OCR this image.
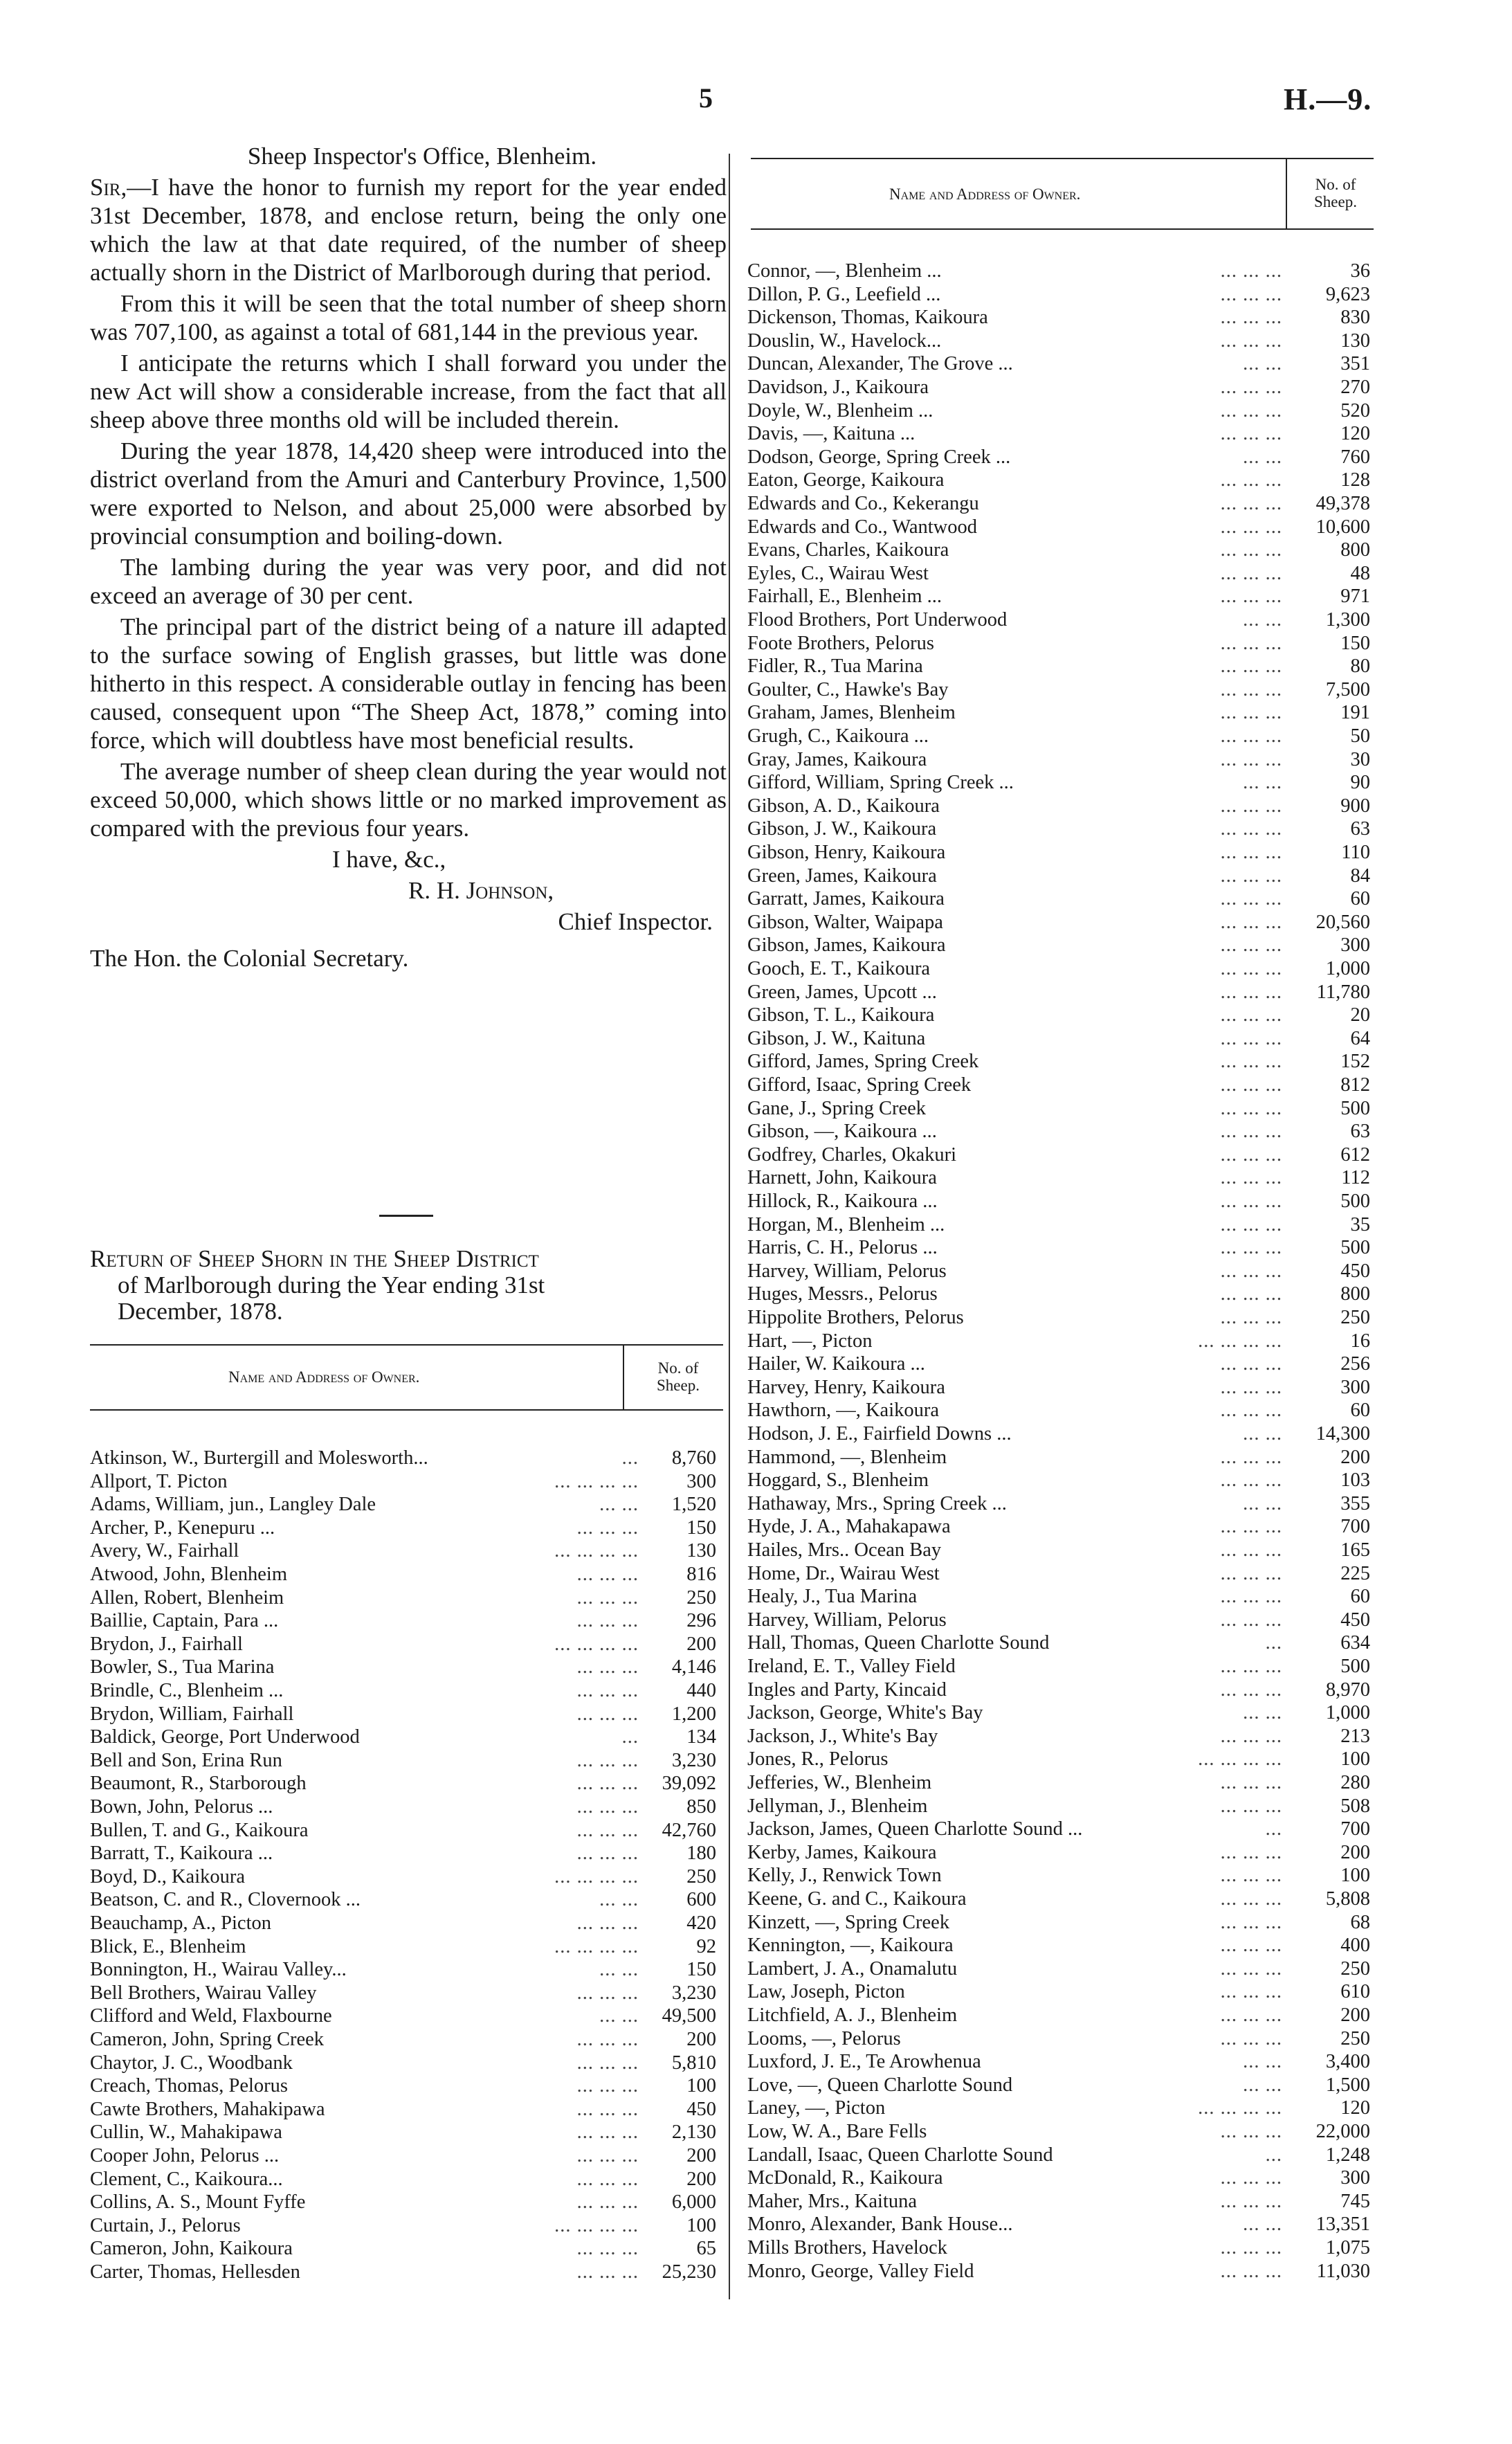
5	H.—9.

Sheep Inspector's Office, Blenheim.

Sir,—I have the honor to furnish my report for the year ended 31st December, 1878, and enclose return, being the only one which the law at that date required, of the number of sheep actually shorn in the District of Marlborough during that period.

From this it will be seen that the total number of sheep shorn was 707,100, as against a total of 681,144 in the previous year.

I anticipate the returns which I shall forward you under the new Act will show a considerable increase, from the fact that all sheep above three months old will be included therein.

During the year 1878, 14,420 sheep were introduced into the district overland from the Amuri and Canterbury Province, 1,500 were exported to Nelson, and about 25,000 were absorbed by provincial consumption and boiling-down.

The lambing during the year was very poor, and did not exceed an average of 30 per cent.

The principal part of the district being of a nature ill adapted to the surface sowing of English grasses, but little was done hitherto in this respect. A considerable outlay in fencing has been caused, consequent upon “The Sheep Act, 1878,” coming into force, which will doubtless have most beneficial results.

The average number of sheep clean during the year would not exceed 50,000, which shows little or no marked improvement as compared with the previous four years.

I have, &c.,

R. H. Johnson,

Chief Inspector.

The Hon. the Colonial Secretary.

Return of Sheep Shorn in the Sheep District
of Marlborough during the Year ending 31st
December, 1878.
Name and Address of Owner.
No. of Sheep.
Atkinson, W., Burtergill and Molesworth...	...	8,760
Allport, T. Picton	... ... ... ...	300
Adams, William, jun., Langley Dale	... ...	1,520
Archer, P., Kenepuru ...	... ... ...	150
Avery, W., Fairhall	... ... ... ...	130
Atwood, John, Blenheim	... ... ...	816
Allen, Robert, Blenheim	... ... ...	250
Baillie, Captain, Para ...	... ... ...	296
Brydon, J., Fairhall	... ... ... ...	200
Bowler, S., Tua Marina	... ... ...	4,146
Brindle, C., Blenheim ...	... ... ...	440
Brydon, William, Fairhall	... ... ...	1,200
Baldick, George, Port Underwood	...	134
Bell and Son, Erina Run	... ... ...	3,230
Beaumont, R., Starborough	... ... ...	39,092
Bown, John, Pelorus ...	... ... ...	850
Bullen, T. and G., Kaikoura	... ... ...	42,760
Barratt, T., Kaikoura ...	... ... ...	180
Boyd, D., Kaikoura	... ... ... ...	250
Beatson, C. and R., Clovernook ...	... ...	600
Beauchamp, A., Picton	... ... ...	420
Blick, E., Blenheim	... ... ... ...	92
Bonnington, H., Wairau Valley...	... ...	150
Bell Brothers, Wairau Valley	... ... ...	3,230
Clifford and Weld, Flaxbourne	... ...	49,500
Cameron, John, Spring Creek	... ... ...	200
Chaytor, J. C., Woodbank	... ... ...	5,810
Creach, Thomas, Pelorus	... ... ...	100
Cawte Brothers, Mahakipawa	... ... ...	450
Cullin, W., Mahakipawa	... ... ...	2,130
Cooper John, Pelorus ...	... ... ...	200
Clement, C., Kaikoura...	... ... ...	200
Collins, A. S., Mount Fyffe	... ... ...	6,000
Curtain, J., Pelorus	... ... ... ...	100
Cameron, John, Kaikoura	... ... ...	65
Carter, Thomas, Hellesden	... ... ...	25,230
Name and Address of Owner.
No. of Sheep.
Connor, —, Blenheim ...	... ... ...	36
Dillon, P. G., Leefield ...	... ... ...	9,623
Dickenson, Thomas, Kaikoura	... ... ...	830
Douslin, W., Havelock...	... ... ...	130
Duncan, Alexander, The Grove ...	... ...	351
Davidson, J., Kaikoura	... ... ...	270
Doyle, W., Blenheim ...	... ... ...	520
Davis, —, Kaituna ...	... ... ...	120
Dodson, George, Spring Creek ...	... ...	760
Eaton, George, Kaikoura	... ... ...	128
Edwards and Co., Kekerangu	... ... ...	49,378
Edwards and Co., Wantwood	... ... ...	10,600
Evans, Charles, Kaikoura	... ... ...	800
Eyles, C., Wairau West	... ... ...	48
Fairhall, E., Blenheim ...	... ... ...	971
Flood Brothers, Port Underwood	... ...	1,300
Foote Brothers, Pelorus	... ... ...	150
Fidler, R., Tua Marina	... ... ...	80
Goulter, C., Hawke's Bay	... ... ...	7,500
Graham, James, Blenheim	... ... ...	191
Grugh, C., Kaikoura ...	... ... ...	50
Gray, James, Kaikoura	... ... ...	30
Gifford, William, Spring Creek ...	... ...	90
Gibson, A. D., Kaikoura	... ... ...	900
Gibson, J. W., Kaikoura	... ... ...	63
Gibson, Henry, Kaikoura	... ... ...	110
Green, James, Kaikoura	... ... ...	84
Garratt, James, Kaikoura	... ... ...	60
Gibson, Walter, Waipapa	... ... ...	20,560
Gibson, James, Kaikoura	... ... ...	300
Gooch, E. T., Kaikoura	... ... ...	1,000
Green, James, Upcott ...	... ... ...	11,780
Gibson, T. L., Kaikoura	... ... ...	20
Gibson, J. W., Kaituna	... ... ...	64
Gifford, James, Spring Creek	... ... ...	152
Gifford, Isaac, Spring Creek	... ... ...	812
Gane, J., Spring Creek	... ... ...	500
Gibson, —, Kaikoura ...	... ... ...	63
Godfrey, Charles, Okakuri	... ... ...	612
Harnett, John, Kaikoura	... ... ...	112
Hillock, R., Kaikoura ...	... ... ...	500
Horgan, M., Blenheim ...	... ... ...	35
Harris, C. H., Pelorus ...	... ... ...	500
Harvey, William, Pelorus	... ... ...	450
Huges, Messrs., Pelorus	... ... ...	800
Hippolite Brothers, Pelorus	... ... ...	250
Hart, —, Picton	... ... ... ...	16
Hailer, W. Kaikoura ...	... ... ...	256
Harvey, Henry, Kaikoura	... ... ...	300
Hawthorn, —, Kaikoura	... ... ...	60
Hodson, J. E., Fairfield Downs ...	... ...	14,300
Hammond, —, Blenheim	... ... ...	200
Hoggard, S., Blenheim	... ... ...	103
Hathaway, Mrs., Spring Creek ...	... ...	355
Hyde, J. A., Mahakapawa	... ... ...	700
Hailes, Mrs.. Ocean Bay	... ... ...	165
Home, Dr., Wairau West	... ... ...	225
Healy, J., Tua Marina	... ... ...	60
Harvey, William, Pelorus	... ... ...	450
Hall, Thomas, Queen Charlotte Sound	...	634
Ireland, E. T., Valley Field	... ... ...	500
Ingles and Party, Kincaid	... ... ...	8,970
Jackson, George, White's Bay	... ...	1,000
Jackson, J., White's Bay	... ... ...	213
Jones, R., Pelorus	... ... ... ...	100
Jefferies, W., Blenheim	... ... ...	280
Jellyman, J., Blenheim	... ... ...	508
Jackson, James, Queen Charlotte Sound ...	...	700
Kerby, James, Kaikoura	... ... ...	200
Kelly, J., Renwick Town	... ... ...	100
Keene, G. and C., Kaikoura	... ... ...	5,808
Kinzett, —, Spring Creek	... ... ...	68
Kennington, —, Kaikoura	... ... ...	400
Lambert, J. A., Onamalutu	... ... ...	250
Law, Joseph, Picton	... ... ...	610
Litchfield, A. J., Blenheim	... ... ...	200
Looms, —, Pelorus	... ... ...	250
Luxford, J. E., Te Arowhenua	... ...	3,400
Love, —, Queen Charlotte Sound	... ...	1,500
Laney, —, Picton	... ... ... ...	120
Low, W. A., Bare Fells	... ... ...	22,000
Landall, Isaac, Queen Charlotte Sound	...	1,248
McDonald, R., Kaikoura	... ... ...	300
Maher, Mrs., Kaituna	... ... ...	745
Monro, Alexander, Bank House...	... ...	13,351
Mills Brothers, Havelock	... ... ...	1,075
Monro, George, Valley Field	... ... ...	11,030
